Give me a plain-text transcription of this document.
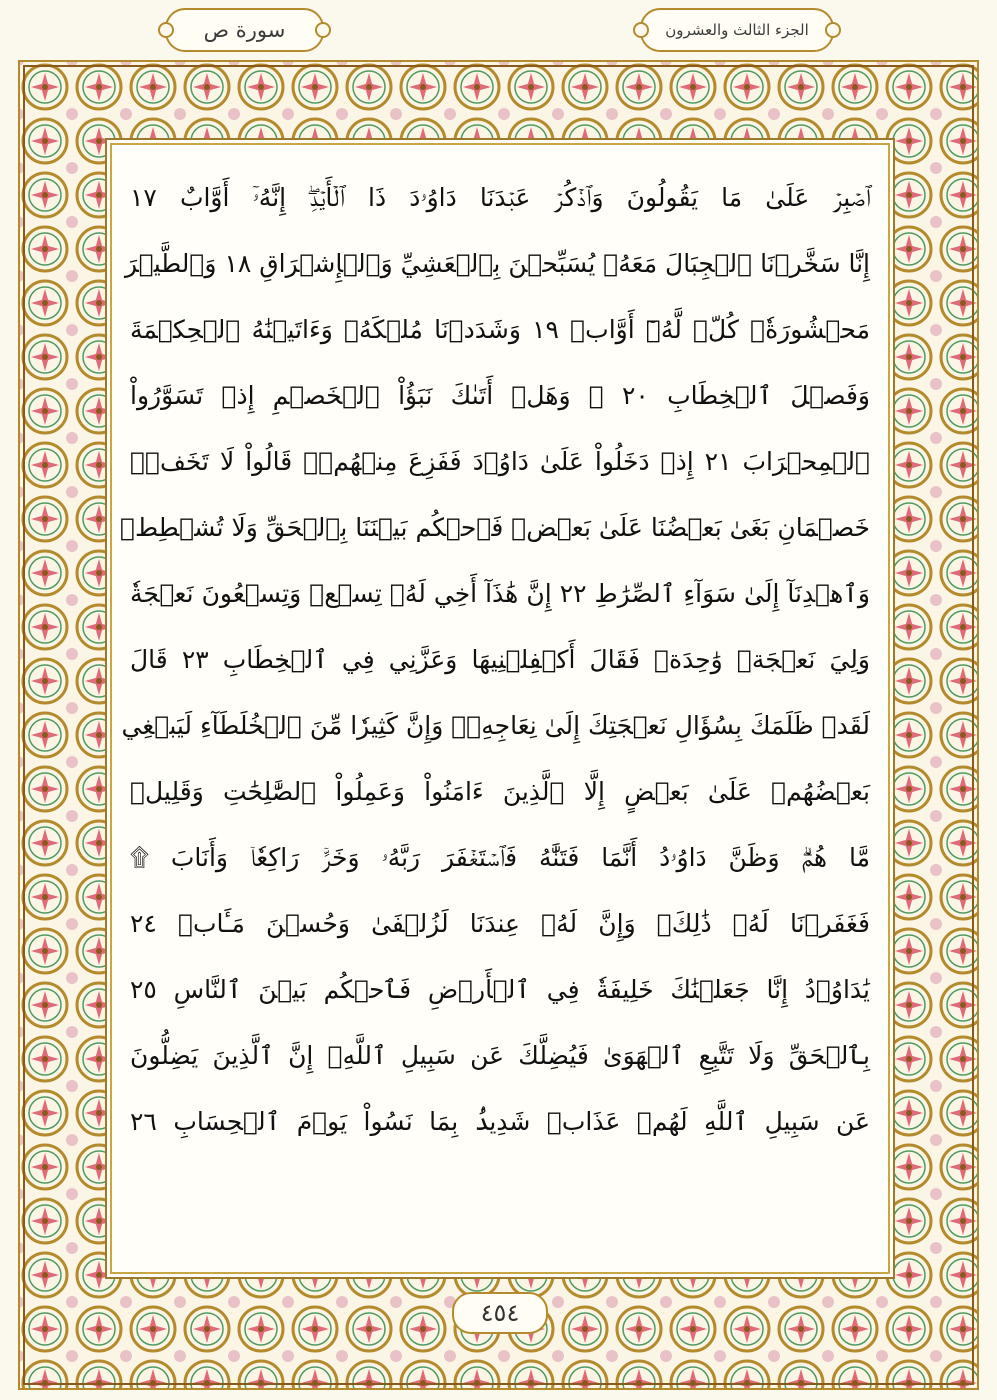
سورة ص	الجزء الثالث والعشرون
ٱصۡبِرۡ عَلَىٰ مَا يَقُولُونَ وَٱذۡكُرۡ عَبۡدَنَا دَاوُۥدَ ذَا ٱلۡأَيۡدِۖ إِنَّهُۥٓ أَوَّابٌ ١٧
إِنَّا سَخَّرۡنَا ٱلۡجِبَالَ مَعَهُۥ يُسَبِّحۡنَ بِٱلۡعَشِيِّ وَٱلۡإِشۡرَاقِ ١٨ وَٱلطَّيۡرَ
مَحۡشُورَةٗۖ كُلّٞ لَّهُۥٓ أَوَّابٞ ١٩ وَشَدَدۡنَا مُلۡكَهُۥ وَءَاتَيۡنَٰهُ ٱلۡحِكۡمَةَ
وَفَصۡلَ ٱلۡخِطَابِ ٢٠ ۞ وَهَلۡ أَتَىٰكَ نَبَؤُاْ ٱلۡخَصۡمِ إِذۡ تَسَوَّرُواْ
ٱلۡمِحۡرَابَ ٢١ إِذۡ دَخَلُواْ عَلَىٰ دَاوُۥدَ فَفَزِعَ مِنۡهُمۡۖ قَالُواْ لَا تَخَفۡۖ
خَصۡمَانِ بَغَىٰ بَعۡضُنَا عَلَىٰ بَعۡضٖ فَٱحۡكُم بَيۡنَنَا بِٱلۡحَقِّ وَلَا تُشۡطِطۡ
وَٱهۡدِنَآ إِلَىٰ سَوَآءِ ٱلصِّرَٰطِ ٢٢ إِنَّ هَٰذَآ أَخِي لَهُۥ تِسۡعٞ وَتِسۡعُونَ نَعۡجَةٗ
وَلِيَ نَعۡجَةٞ وَٰحِدَةٞ فَقَالَ أَكۡفِلۡنِيهَا وَعَزَّنِي فِي ٱلۡخِطَابِ ٢٣ قَالَ
لَقَدۡ ظَلَمَكَ بِسُؤَالِ نَعۡجَتِكَ إِلَىٰ نِعَاجِهِۦۖ وَإِنَّ كَثِيرٗا مِّنَ ٱلۡخُلَطَآءِ لَيَبۡغِي
بَعۡضُهُمۡ عَلَىٰ بَعۡضٍ إِلَّا ٱلَّذِينَ ءَامَنُواْ وَعَمِلُواْ ٱلصَّٰلِحَٰتِ وَقَلِيلٞ
مَّا هُمۡۗ وَظَنَّ دَاوُۥدُ أَنَّمَا فَتَنَّٰهُ فَٱسۡتَغۡفَرَ رَبَّهُۥ وَخَرَّۤ رَاكِعٗاۤ وَأَنَابَ ۩
فَغَفَرۡنَا لَهُۥ ذَٰلِكَۖ وَإِنَّ لَهُۥ عِندَنَا لَزُلۡفَىٰ وَحُسۡنَ مَـَٔابٖ ٢٤
يَٰدَاوُۥدُ إِنَّا جَعَلۡنَٰكَ خَلِيفَةٗ فِي ٱلۡأَرۡضِ فَٱحۡكُم بَيۡنَ ٱلنَّاسِ ٢٥
بِٱلۡحَقِّ وَلَا تَتَّبِعِ ٱلۡهَوَىٰ فَيُضِلَّكَ عَن سَبِيلِ ٱللَّهِۚ إِنَّ ٱلَّذِينَ يَضِلُّونَ
عَن سَبِيلِ ٱللَّهِ لَهُمۡ عَذَابٞ شَدِيدُۢ بِمَا نَسُواْ يَوۡمَ ٱلۡحِسَابِ ٢٦
٤٥٤
